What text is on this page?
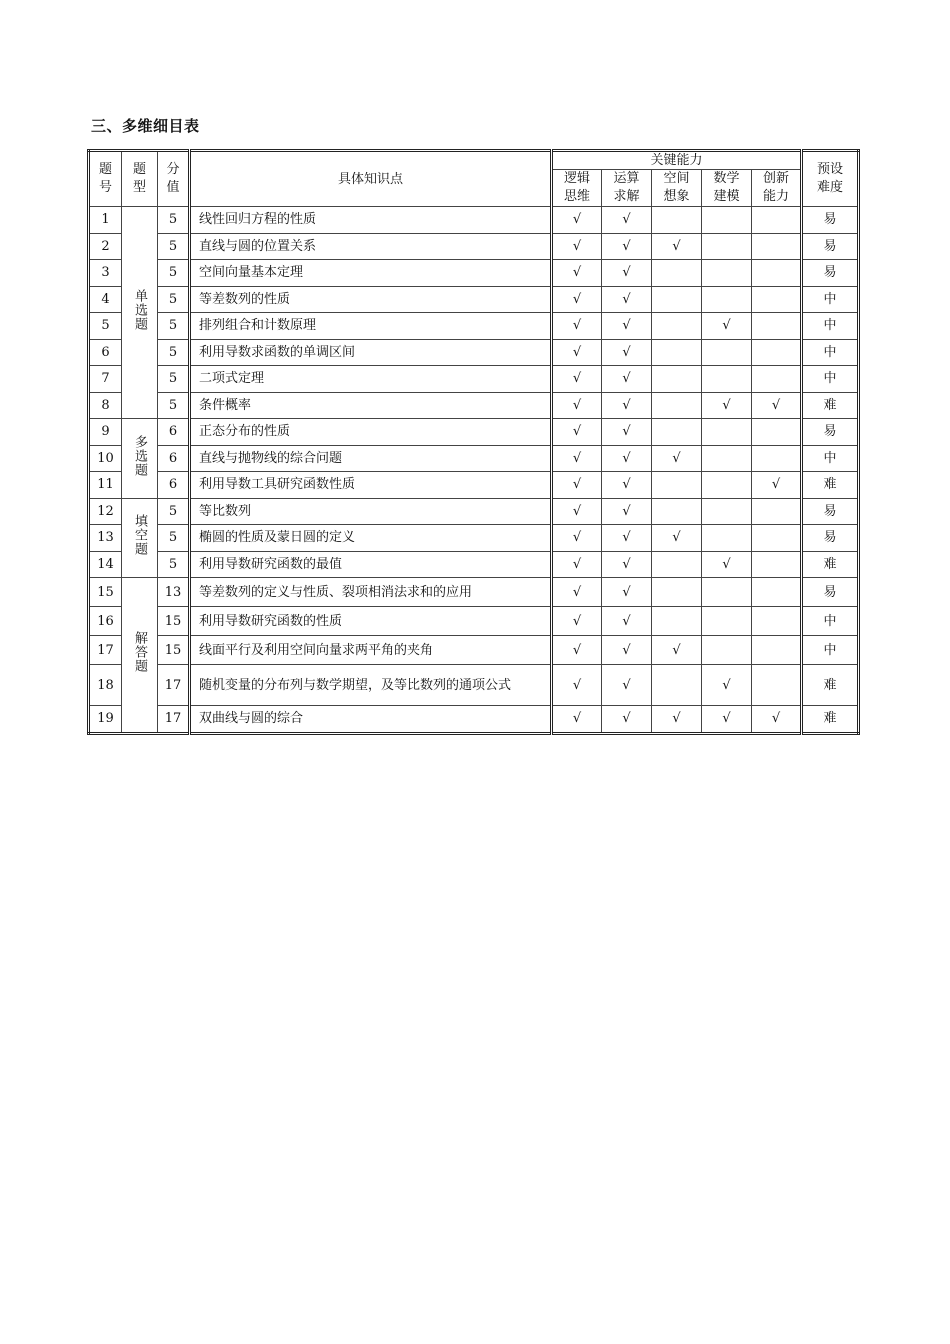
三、多维细目表
题号	题型	分值	具体知识点	关键能力					预设难度
				逻辑思维	运算求解	空间想象	数学建模	创新能力	
1	单选题	5	线性回归方程的性质	√	√				易
2		5	直线与圆的位置关系	√	√	√			易
3		5	空间向量基本定理	√	√				易
4		5	等差数列的性质	√	√				中
5		5	排列组合和计数原理	√	√		√		中
6		5	利用导数求函数的单调区间	√	√				中
7		5	二项式定理	√	√				中
8		5	条件概率	√	√		√	√	难
9	多选题	6	正态分布的性质	√	√				易
10		6	直线与抛物线的综合问题	√	√	√			中
11		6	利用导数工具研究函数性质	√	√			√	难
12	填空题	5	等比数列	√	√				易
13		5	椭圆的性质及蒙日圆的定义	√	√	√			易
14		5	利用导数研究函数的最值	√	√		√		难
15	解答题	13	等差数列的定义与性质、裂项相消法求和的应用	√	√				易
16		15	利用导数研究函数的性质	√	√				中
17		15	线面平行及利用空间向量求两平角的夹角	√	√	√			中
18		17	随机变量的分布列与数学期望，及等比数列的通项公式	√	√		√		难
19		17	双曲线与圆的综合	√	√	√	√	√	难
